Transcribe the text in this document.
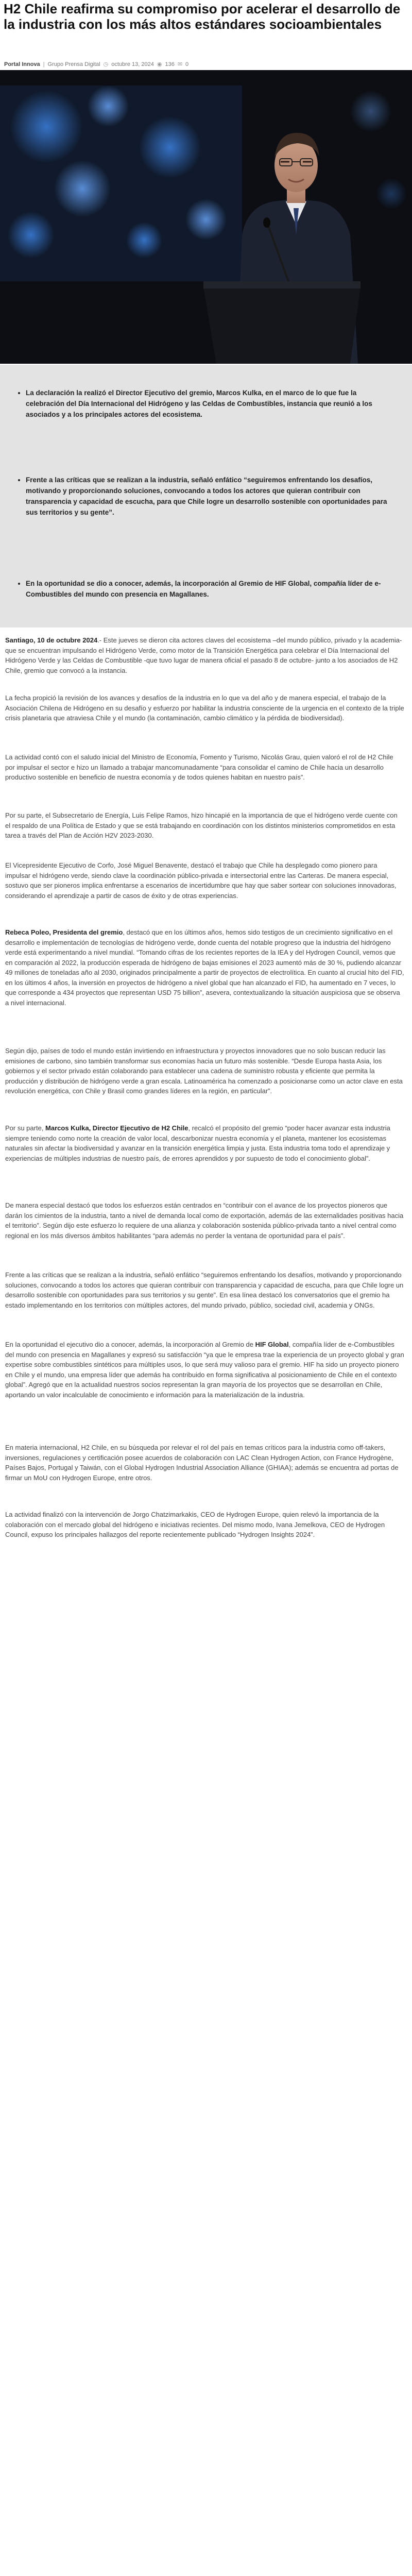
H2 Chile reafirma su compromiso por acelerar el desarrollo de la industria con los más altos estándares socioambientales
Portal Innova | Grupo Prensa Digital ◷ octubre 13, 2024 ◉ 136 ✉ 0
• La declaración la realizó el Director Ejecutivo del gremio, Marcos Kulka, en el marco de lo que fue la celebración del Día Internacional del Hidrógeno y las Celdas de Combustibles, instancia que reunió a los asociados y a los principales actores del ecosistema.
• Frente a las críticas que se realizan a la industria, señaló enfático “seguiremos enfrentando los desafíos, motivando y proporcionando soluciones, convocando a todos los actores que quieran contribuir con transparencia y capacidad de escucha, para que Chile logre un desarrollo sostenible con oportunidades para sus territorios y su gente”.
• En la oportunidad se dio a conocer, además, la incorporación al Gremio de HIF Global, compañía líder de e-Combustibles del mundo con presencia en Magallanes.

Santiago, 10 de octubre 2024.- Este jueves se dieron cita actores claves del ecosistema –del mundo público, privado y la academia- que se encuentran impulsando el Hidrógeno Verde, como motor de la Transición Energética para celebrar el Día Internacional del Hidrógeno Verde y las Celdas de Combustible -que tuvo lugar de manera oficial el pasado 8 de octubre- junto a los asociados de H2 Chile, gremio que convocó a la instancia.

La fecha propició la revisión de los avances y desafíos de la industria en lo que va del año y de manera especial, el trabajo de la Asociación Chilena de Hidrógeno en su desafío y esfuerzo por habilitar la industria consciente de la urgencia en el contexto de la triple crisis planetaria que atraviesa Chile y el mundo (la contaminación, cambio climático y la pérdida de biodiversidad).

La actividad contó con el saludo inicial del Ministro de Economía, Fomento y Turismo, Nicolás Grau, quien valoró el rol de H2 Chile por impulsar el sector e hizo un llamado a trabajar mancomunadamente “para consolidar el camino de Chile hacia un desarrollo productivo sostenible en beneficio de nuestra economía y de todos quienes habitan en nuestro país”.

Por su parte, el Subsecretario de Energía, Luis Felipe Ramos, hizo hincapié en la importancia de que el hidrógeno verde cuente con el respaldo de una Política de Estado y que se está trabajando en coordinación con los distintos ministerios comprometidos en esta tarea a través del Plan de Acción H2V 2023-2030.

El Vicepresidente Ejecutivo de Corfo, José Miguel Benavente, destacó el trabajo que Chile ha desplegado como pionero para impulsar el hidrógeno verde, siendo clave la coordinación público-privada e intersectorial entre las Carteras. De manera especial, sostuvo que ser pioneros implica enfrentarse a escenarios de incertidumbre que hay que saber sortear con soluciones innovadoras, considerando el aprendizaje a partir de casos de éxito y de otras experiencias.

Rebeca Poleo, Presidenta del gremio, destacó que en los últimos años, hemos sido testigos de un crecimiento significativo en el desarrollo e implementación de tecnologías de hidrógeno verde, donde cuenta del notable progreso que la industria del hidrógeno verde está experimentando a nivel mundial. “Tomando cifras de los recientes reportes de la IEA y del Hydrogen Council, vemos que en comparación al 2022, la producción esperada de hidrógeno de bajas emisiones el 2023 aumentó más de 30 %, pudiendo alcanzar 49 millones de toneladas año al 2030, originados principalmente a partir de proyectos de electrolítica. En cuanto al crucial hito del FID, en los últimos 4 años, la inversión en proyectos de hidrógeno a nivel global que han alcanzado el FID, ha aumentado en 7 veces, lo que corresponde a 434 proyectos que representan USD 75 billion”, asevera, contextualizando la situación auspiciosa que se observa a nivel internacional.

Según dijo, países de todo el mundo están invirtiendo en infraestructura y proyectos innovadores que no solo buscan reducir las emisiones de carbono, sino también transformar sus economías hacia un futuro más sostenible. “Desde Europa hasta Asia, los gobiernos y el sector privado están colaborando para establecer una cadena de suministro robusta y eficiente que permita la producción y distribución de hidrógeno verde a gran escala. Latinoamérica ha comenzado a posicionarse como un actor clave en esta revolución energética, con Chile y Brasil como grandes líderes en la región, en particular”.

Por su parte, Marcos Kulka, Director Ejecutivo de H2 Chile, recalcó el propósito del gremio “poder hacer avanzar esta industria siempre teniendo como norte la creación de valor local, descarbonizar nuestra economía y el planeta, mantener los ecosistemas naturales sin afectar la biodiversidad y avanzar en la transición energética limpia y justa. Esta industria toma todo el aprendizaje y experiencias de múltiples industrias de nuestro país, de errores aprendidos y por supuesto de todo el conocimiento global”.

De manera especial destacó que todos los esfuerzos están centrados en “contribuir con el avance de los proyectos pioneros que darán los cimientos de la industria, tanto a nivel de demanda local como de exportación, además de las externalidades positivas hacia el territorio”. Según dijo este esfuerzo lo requiere de una alianza y colaboración sostenida público-privada tanto a nivel central como regional en los más diversos ámbitos habilitantes “para además no perder la ventana de oportunidad para el país”.

Frente a las críticas que se realizan a la industria, señaló enfático “seguiremos enfrentando los desafíos, motivando y proporcionando soluciones, convocando a todos los actores que quieran contribuir con transparencia y capacidad de escucha, para que Chile logre un desarrollo sostenible con oportunidades para sus territorios y su gente”. En esa línea destacó los conversatorios que el gremio ha estado implementando en los territorios con múltiples actores, del mundo privado, público, sociedad civil, academia y ONGs.

En la oportunidad el ejecutivo dio a conocer, además, la incorporación al Gremio de HIF Global, compañía líder de e-Combustibles del mundo con presencia en Magallanes y expresó su satisfacción “ya que le empresa trae la experiencia de un proyecto global y gran expertise sobre combustibles sintéticos para múltiples usos, lo que será muy valioso para el gremio. HIF ha sido un proyecto pionero en Chile y el mundo, una empresa líder que además ha contribuido en forma significativa al posicionamiento de Chile en el contexto global”. Agregó que en la actualidad nuestros socios representan la gran mayoría de los proyectos que se desarrollan en Chile, aportando un valor incalculable de conocimiento e información para la materialización de la industria.

En materia internacional, H2 Chile, en su búsqueda por relevar el rol del país en temas críticos para la industria como off-takers, inversiones, regulaciones y certificación posee acuerdos de colaboración con LAC Clean Hydrogen Action, con France Hydrogène, Países Bajos, Portugal y Taiwán, con el Global Hydrogen Industrial Association Alliance (GHIAA); además se encuentra ad portas de firmar un MoU con Hydrogen Europe, entre otros.

La actividad finalizó con la intervención de Jorgo Chatzimarkakis, CEO de Hydrogen Europe, quien relevó la importancia de la colaboración con el mercado global del hidrógeno e iniciativas recientes. Del mismo modo, Ivana Jemelkova, CEO de Hydrogen Council, expuso los principales hallazgos del reporte recientemente publicado “Hydrogen Insights 2024”.
